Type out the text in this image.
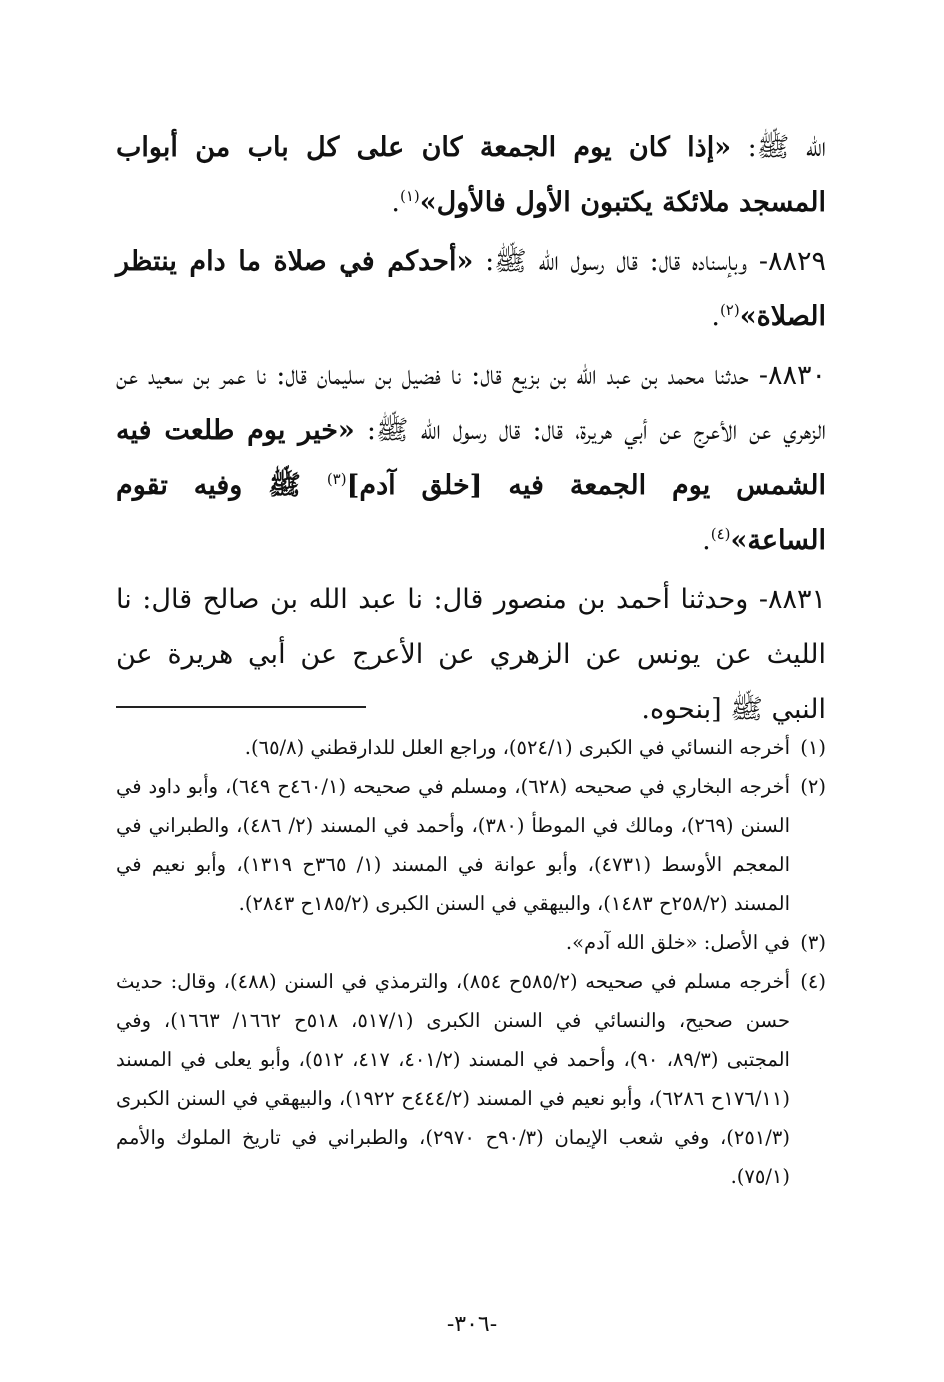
الله ﷺ: «إذا كان يوم الجمعة كان على كل باب من أبواب المسجد ملائكة يكتبون الأول فالأول»$^{(١)}$.

٨٨٢٩- وبإسناده قال: قال رسول الله ﷺ: «أحدكم في صلاة ما دام ينتظر الصلاة»$^{(٢)}$.

٨٨٣٠- حدثنا محمد بن عبد الله بن بزيع قال: نا فضيل بن سليمان قال: نا عمر بن سعيد عن الزهري عن الأعرج عن أبي هريرة، قال: قال رسول الله ﷺ: «خير يوم طلعت فيه الشمس يوم الجمعة فيه [خلق آدم]$^{(٣)}$ ﷺ وفيه تقوم الساعة»$^{(٤)}$.

٨٨٣١- وحدثنا أحمد بن منصور قال: نا عبد الله بن صالح قال: نا الليث عن يونس عن الزهري عن الأعرج عن أبي هريرة عن النبي ﷺ [بنحوه.

(١)
أخرجه النسائي في الكبرى (٥٢٤/١)، وراجع العلل للدارقطني (٦٥/٨).

(٢)
أخرجه البخاري في صحيحه (٦٢٨)، ومسلم في صحيحه (٤٦٠/١ح ٦٤٩)، وأبو داود في السنن (٢٦٩)، ومالك في الموطأ (٣٨٠)، وأحمد في المسند (٢/ ٤٨٦)، والطبراني في المعجم الأوسط (٤٧٣١)، وأبو عوانة في المسند (١/ ٣٦٥ح ١٣١٩)، وأبو نعيم في المسند (٢٥٨/٢ح ١٤٨٣)، والبيهقي في السنن الكبرى (١٨٥/٢ح ٢٨٤٣).

(٣)
في الأصل: «خلق الله آدم».

(٤)
أخرجه مسلم في صحيحه (٥٨٥/٢ح ٨٥٤)، والترمذي في السنن (٤٨٨)، وقال: حديث حسن صحيح، والنسائي في السنن الكبرى (٥١٧/١، ٥١٨ح ١٦٦٢/ ١٦٦٣)، وفي المجتبى (٨٩/٣، ٩٠)، وأحمد في المسند (٤٠١/٢، ٤١٧، ٥١٢)، وأبو يعلى في المسند (١٧٦/١١ح ٦٢٨٦)، وأبو نعيم في المسند (٤٤٤/٢ح ١٩٢٢)، والبيهقي في السنن الكبرى (٢٥١/٣)، وفي شعب الإيمان (٩٠/٣ح ٢٩٧٠)، والطبراني في تاريخ الملوك والأمم (٧٥/١).

-٣٠٦-
